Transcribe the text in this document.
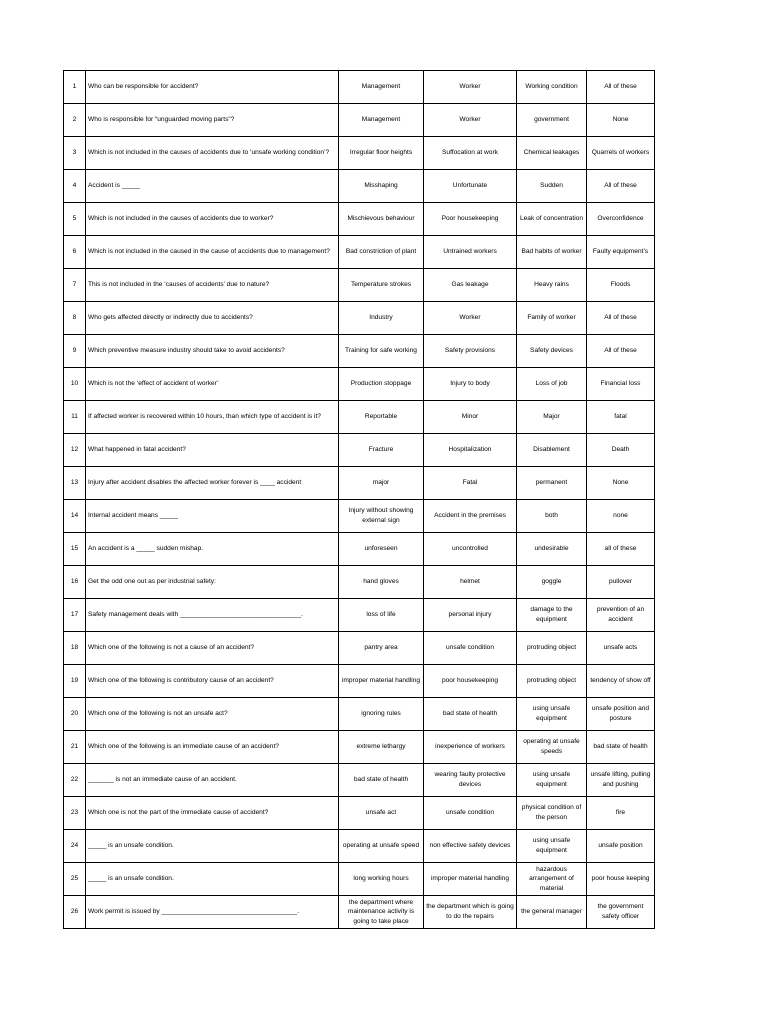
1	Who can be responsible for accident?	Management	Worker	Working condition	All of these
2	Who is responsible for “unguarded moving parts”?	Management	Worker	government	None
3	Which is not included in the causes of accidents due to ‘unsafe working condition’?	Irregular floor heights	Suffocation at work	Chemical leakages	Quarrels of workers
4	Accident is _____	Misshaping	Unfortunate	Sudden	All of these
5	Which is not included in the causes of accidents due to worker?	Mischievous behaviour	Poor housekeeping	Leak of concentration	Overconfidence
6	Which is not included in the caused in the cause of accidents due to management?	Bad constriction of plant	Untrained workers	Bad habits of worker	Faulty equipment’s
7	This is not included in the ‘causes of accidents’ due to nature?	Temperature strokes	Gas leakage	Heavy rains	Floods
8	Who gets affected directly or indirectly due to accidents?	Industry	Worker	Family of worker	All of these
9	Which preventive measure industry should take to avoid accidents?	Training for safe working	Safety provisions	Safety devices	All of these
10	Which is not the ‘effect of accident of worker’	Production stoppage	Injury to body	Loss of job	Financial loss
11	If affected worker is recovered within 10 hours, than which type of accident is it?	Reportable	Minor	Major	fatal
12	What happened in fatal accident?	Fracture	Hospitalization	Disablement	Death
13	Injury after accident disables the affected worker forever is ____ accident	major	Fatal	permanent	None
14	Internal accident means _____	Injury without showing external sign	Accident in the premises	both	none
15	An accident is a _____ sudden mishap.	unforeseen	uncontrolled	undesirable	all of these
16	Get the odd one out as per industrial safety:	hand gloves	helmet	goggle	pullover
17	Safety management deals with _________________________________.	loss of life	personal injury	damage to the equipment	prevention of an accident
18	Which one of the following is not a cause of an accident?	pantry area	unsafe condition	protruding object	unsafe acts
19	Which one of the following is contributory cause of an accident?	improper material handling	poor housekeeping	protruding object	tendency of show off
20	Which one of the following is not an unsafe act?	ignoring rules	bad state of health	using unsafe equipment	unsafe position and posture
21	Which one of the following is an immediate cause of an accident?	extreme lethargy	inexperience of workers	operating at unsafe speeds	bad state of health
22	_______ is not an immediate cause of an accident.	bad state of health	wearing faulty protective devices	using unsafe equipment	unsafe lifting, pulling and pushing
23	Which one is not the part of the immediate cause of accident?	unsafe act	unsafe condition	physical condition of the person	fire
24	_____ is an unsafe condition.	operating at unsafe speed	non effective safety devices	using unsafe equipment	unsafe position
25	_____ is an unsafe condition.	long working hours	improper material handling	hazardous arrangement of material	poor house keeping
26	Work permit is issued by _____________________________________.	the department where maintenance activity is going to take place	the department which is going to do the repairs	the general manager	the government safety officer
